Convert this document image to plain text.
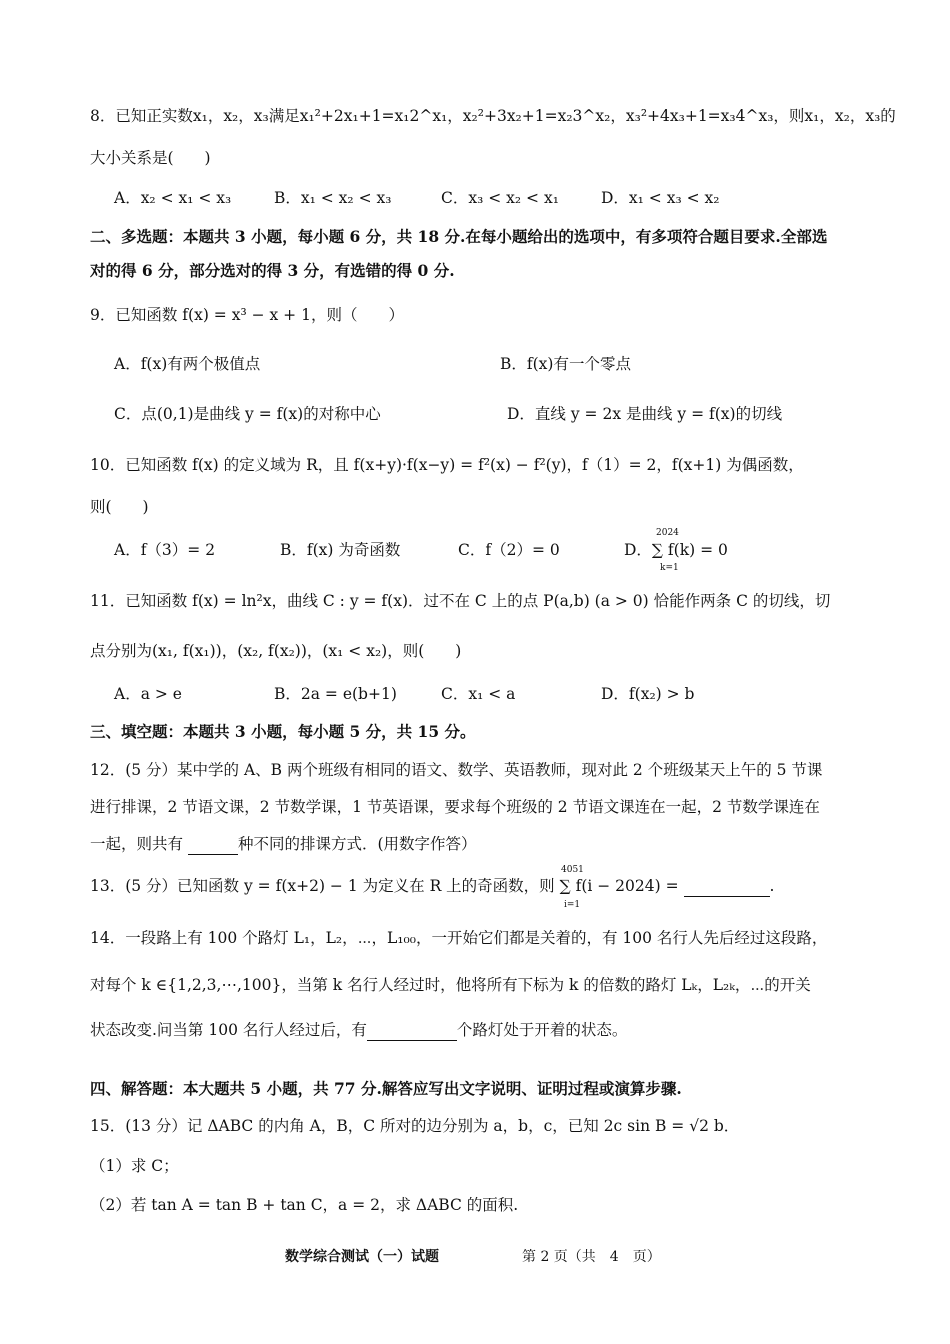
8．已知正实数x₁，x₂，x₃满足x₁²+2x₁+1=x₁2^x₁，x₂²+3x₂+1=x₂3^x₂，x₃²+4x₃+1=x₃4^x₃，则x₁，x₂，x₃的
大小关系是(　　)
A．x₂ < x₁ < x₃	B．x₁ < x₂ < x₃	C．x₃ < x₂ < x₁	D．x₁ < x₃ < x₂
二、多选题：本题共 3 小题，每小题 6 分，共 18 分.在每小题给出的选项中，有多项符合题目要求.全部选
对的得 6 分，部分选对的得 3 分，有选错的得 0 分.
9．已知函数 f(x) = x³ − x + 1，则（　　）
A．f(x)有两个极值点	B．f(x)有一个零点
C．点(0,1)是曲线 y = f(x)的对称中心	D．直线 y = 2x 是曲线 y = f(x)的切线
10．已知函数 f(x) 的定义域为 R，且 f(x+y)·f(x−y) = f²(x) − f²(y)，f（1）= 2，f(x+1) 为偶函数，
则(　　)
A．f（3）= 2	B．f(x) 为奇函数	C．f（2）= 0	D．∑ f(k) = 0
2024
k=1
11．已知函数 f(x) = ln²x，曲线 C : y = f(x)．过不在 C 上的点 P(a,b) (a > 0) 恰能作两条 C 的切线，切
点分别为(x₁, f(x₁))，(x₂, f(x₂))，(x₁ < x₂)，则(　　)
A．a > e	B．2a = e(b+1)	C．x₁ < a	D．f(x₂) > b
三、填空题：本题共 3 小题，每小题 5 分，共 15 分。
12．(5 分）某中学的 A、B 两个班级有相同的语文、数学、英语教师，现对此 2 个班级某天上午的 5 节课
进行排课，2 节语文课，2 节数学课，1 节英语课，要求每个班级的 2 节语文课连在一起，2 节数学课连在
一起，则共有	种不同的排课方式．(用数字作答）
13．(5 分）已知函数 y = f(x+2) − 1 为定义在 R 上的奇函数，则 ∑ f(i − 2024) =	.
4051
i=1
14．一段路上有 100 个路灯 L₁，L₂，⋯，L₁₀₀，一开始它们都是关着的，有 100 名行人先后经过这段路，
对每个 k ∈{1,2,3,⋯,100}，当第 k 名行人经过时，他将所有下标为 k 的倍数的路灯 Lₖ，L₂ₖ，⋯的开关
状态改变.问当第 100 名行人经过后，有	个路灯处于开着的状态。
四、解答题：本大题共 5 小题，共 77 分.解答应写出文字说明、证明过程或演算步骤.
15．(13 分）记 ΔABC 的内角 A，B，C 所对的边分别为 a，b，c，已知 2c sin B = √2 b．
（1）求 C；
（2）若 tan A = tan B + tan C，a = 2，求 ΔABC 的面积.
数学综合测试（一）试题	第 2 页（共　4　页）
